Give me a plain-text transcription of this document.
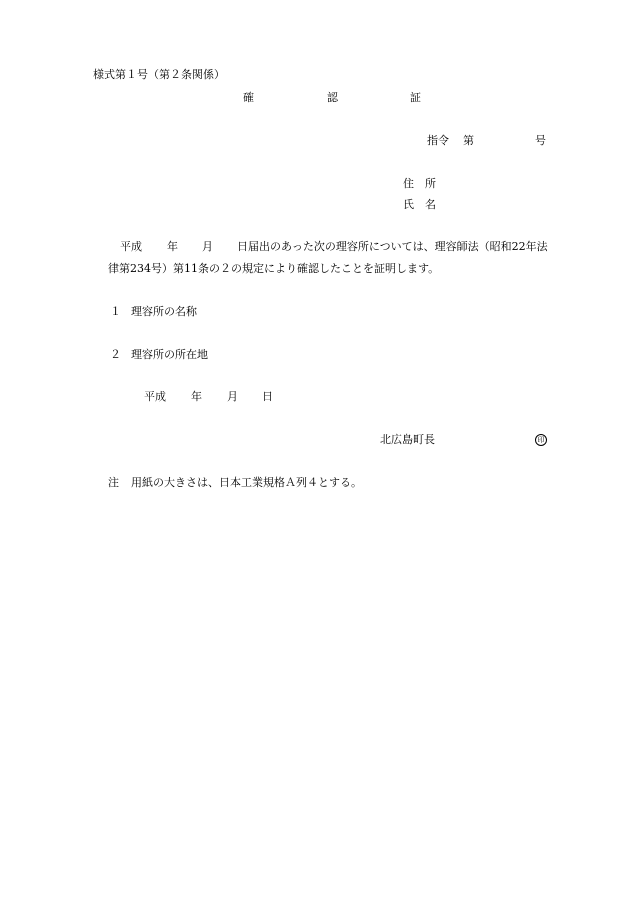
様式第１号（第２条関係）
確	認	証
指令 第	号
住　所
氏　名
平成 年 月 日届出のあった次の理容所については、理容師法（昭和22年法
律第234号）第11条の２の規定により確認したことを証明します。
１ 理容所の名称
２ 理容所の所在地
平成 年 月 日
北広島町長	印
注 用紙の大きさは、日本工業規格Ａ列４とする。
